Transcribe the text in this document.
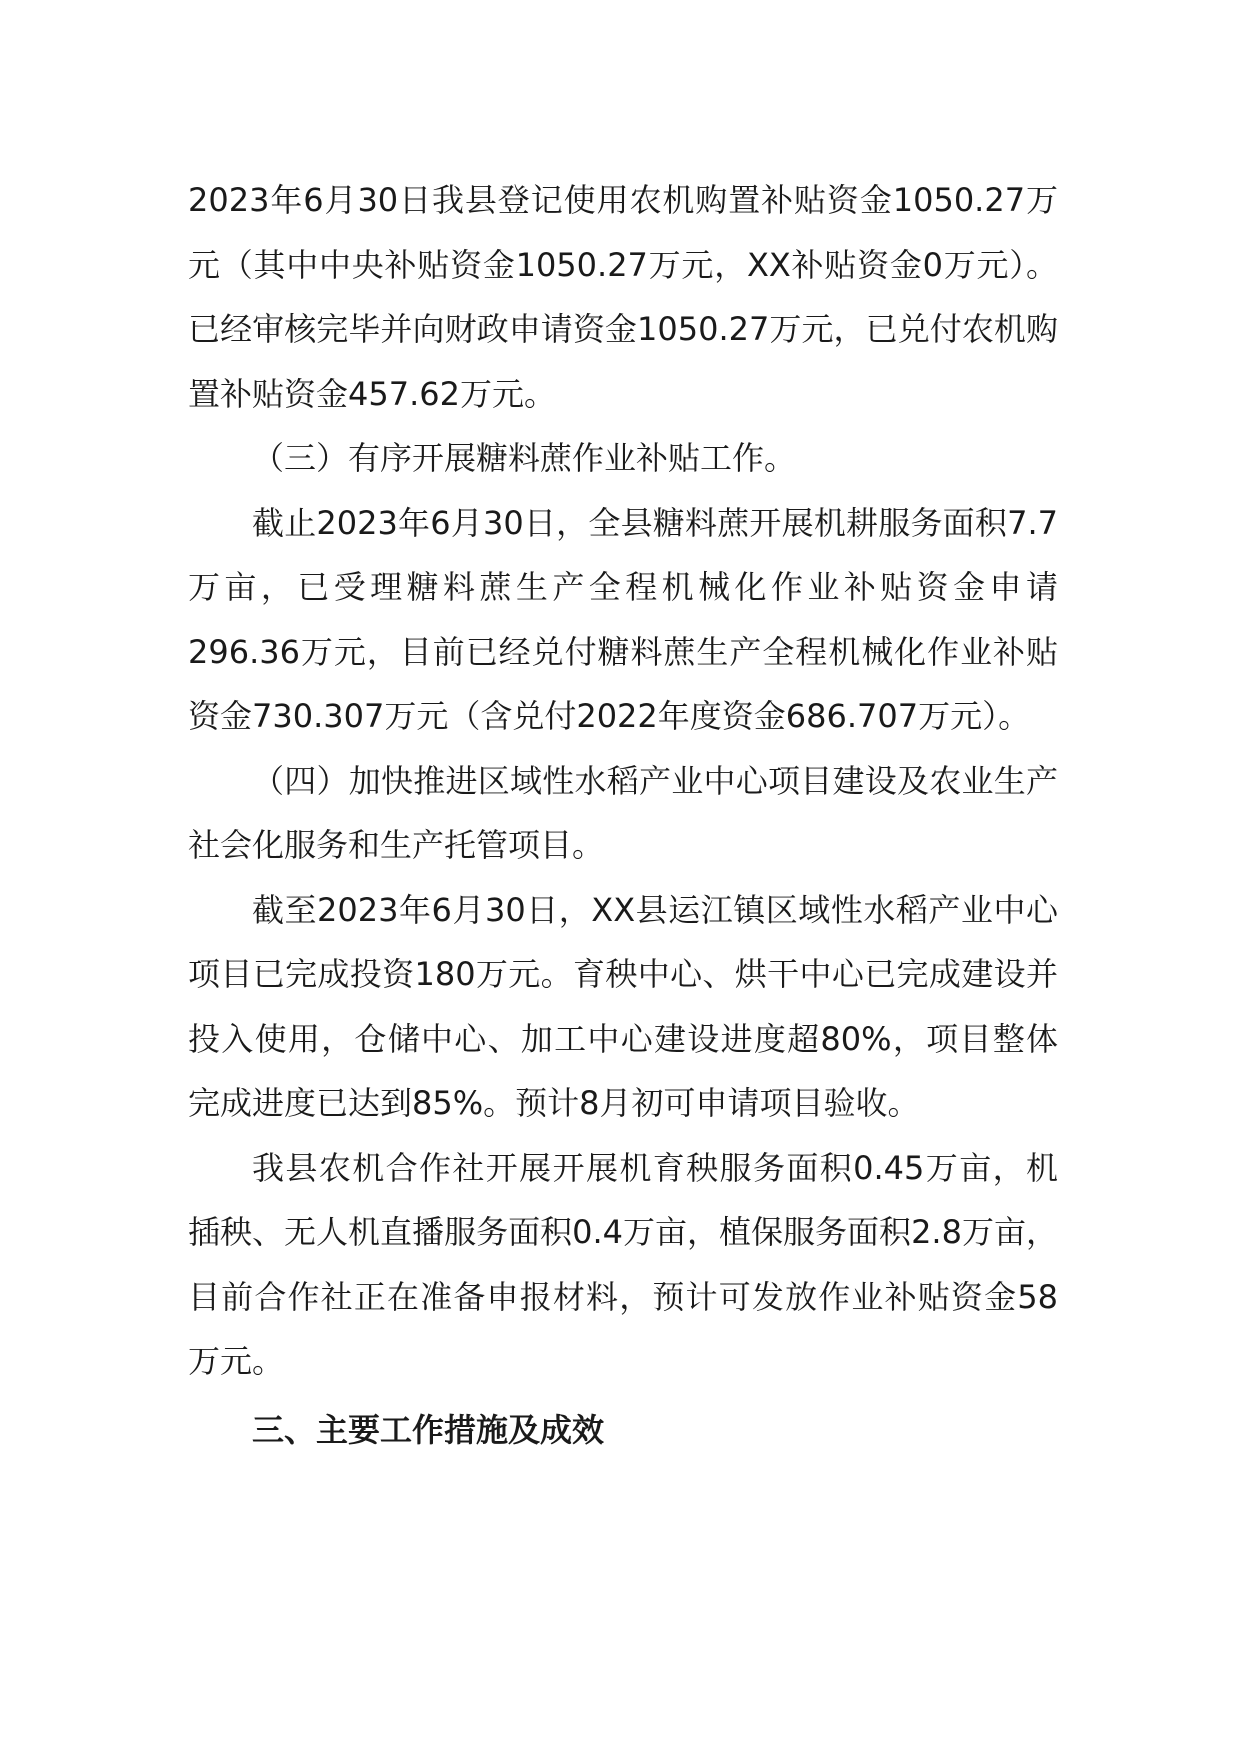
2023年6月30日我县登记使用农机购置补贴资金1050.27万元（其中中央补贴资金1050.27万元，XX补贴资金0万元）。已经审核完毕并向财政申请资金1050.27万元，已兑付农机购置补贴资金457.62万元。

（三）有序开展糖料蔗作业补贴工作。

截止2023年6月30日，全县糖料蔗开展机耕服务面积7.7万亩，已受理糖料蔗生产全程机械化作业补贴资金申请296.36万元，目前已经兑付糖料蔗生产全程机械化作业补贴资金730.307万元（含兑付2022年度资金686.707万元）。

（四）加快推进区域性水稻产业中心项目建设及农业生产社会化服务和生产托管项目。

截至2023年6月30日，XX县运江镇区域性水稻产业中心项目已完成投资180万元。育秧中心、烘干中心已完成建设并投入使用，仓储中心、加工中心建设进度超80%，项目整体完成进度已达到85%。预计8月初可申请项目验收。

我县农机合作社开展开展机育秧服务面积0.45万亩，机插秧、无人机直播服务面积0.4万亩，植保服务面积2.8万亩，目前合作社正在准备申报材料，预计可发放作业补贴资金58万元。

三、主要工作措施及成效
